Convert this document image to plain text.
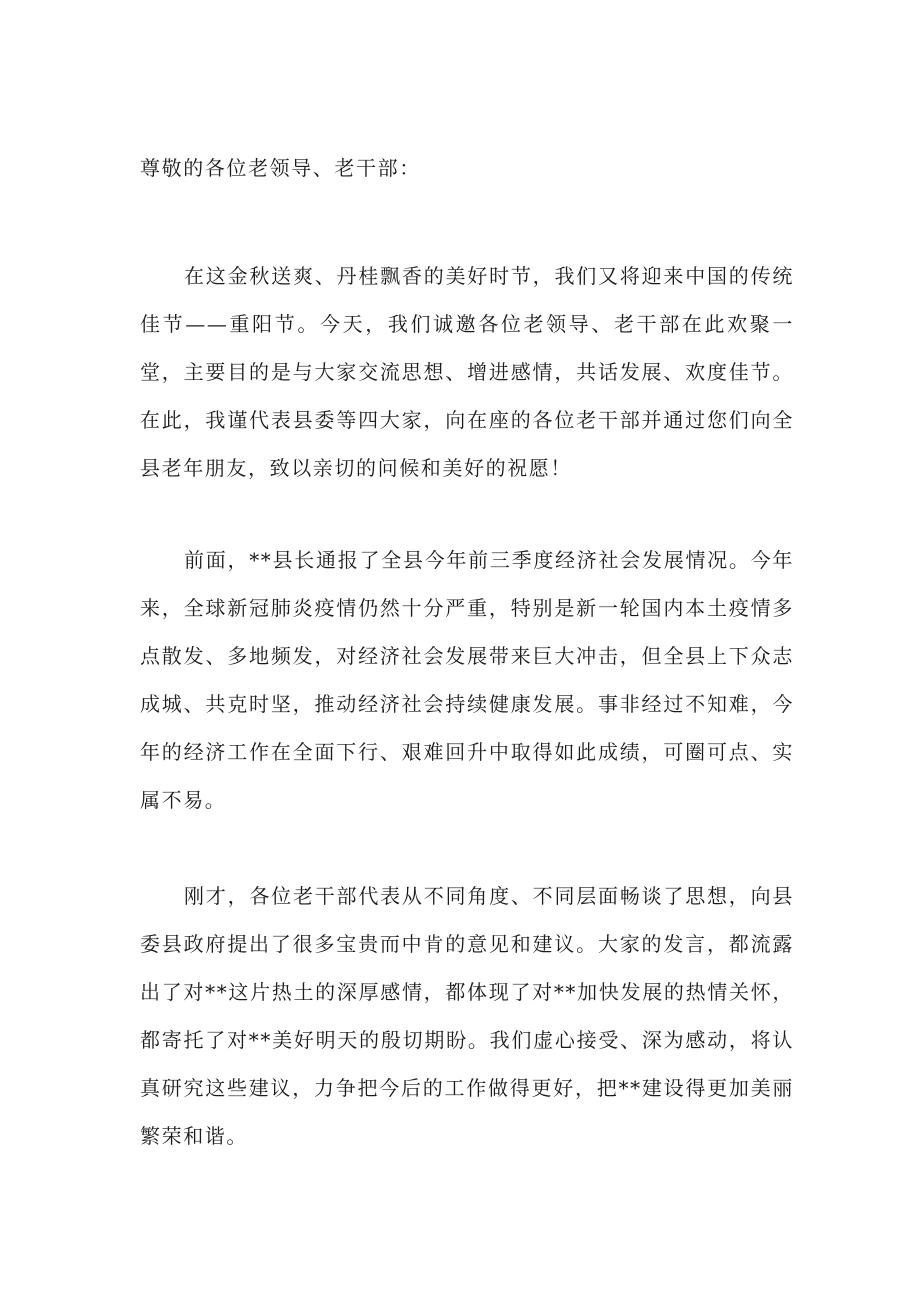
尊敬的各位老领导、老干部：

在这金秋送爽、丹桂飘香的美好时节，我们又将迎来中国的传统佳节——重阳节。今天，我们诚邀各位老领导、老干部在此欢聚一堂，主要目的是与大家交流思想、增进感情，共话发展、欢度佳节。在此，我谨代表县委等四大家，向在座的各位老干部并通过您们向全县老年朋友，致以亲切的问候和美好的祝愿！

前面，**县长通报了全县今年前三季度经济社会发展情况。今年来，全球新冠肺炎疫情仍然十分严重，特别是新一轮国内本土疫情多点散发、多地频发，对经济社会发展带来巨大冲击，但全县上下众志成城、共克时坚，推动经济社会持续健康发展。事非经过不知难，今年的经济工作在全面下行、艰难回升中取得如此成绩，可圈可点、实属不易。

刚才，各位老干部代表从不同角度、不同层面畅谈了思想，向县委县政府提出了很多宝贵而中肯的意见和建议。大家的发言，都流露出了对**这片热土的深厚感情，都体现了对**加快发展的热情关怀，都寄托了对**美好明天的殷切期盼。我们虚心接受、深为感动，将认真研究这些建议，力争把今后的工作做得更好，把**建设得更加美丽繁荣和谐。
